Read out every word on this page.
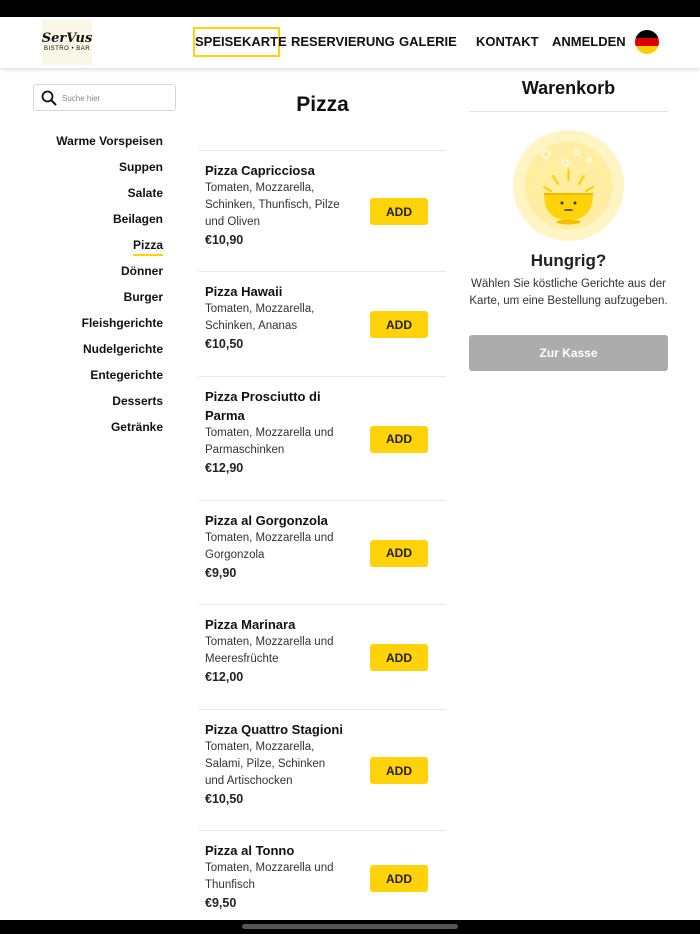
SerVus
BISTRO • BAR	SPEISEKARTE RESERVIERUNG GALERIE KONTAKT ANMELDEN
Suche hier
Warme Vorspeisen
Suppen
Salate
Beilagen
Pizza
Dönner
Burger
Fleishgerichte
Nudelgerichte
Entegerichte
Desserts
Getränke
Pizza
Pizza Capricciosa
Tomaten, Mozzarella, Schinken, Thunfisch, Pilze und Oliven
€10,90
ADD
Pizza Hawaii
Tomaten, Mozzarella, Schinken, Ananas
€10,50
ADD
Pizza Prosciutto di Parma
Tomaten, Mozzarella und Parmaschinken
€12,90
ADD
Pizza al Gorgonzola
Tomaten, Mozzarella und Gorgonzola
€9,90
ADD
Pizza Marinara
Tomaten, Mozzarella und Meeresfrüchte
€12,00
ADD
Pizza Quattro Stagioni
Tomaten, Mozzarella, Salami, Pilze, Schinken und Artischocken
€10,50
ADD
Pizza al Tonno
Tomaten, Mozzarella und Thunfisch
€9,50
ADD
Warenkorb
Hungrig?
Wählen Sie köstliche Gerichte aus der Karte, um eine Bestellung aufzugeben.
Zur Kasse
